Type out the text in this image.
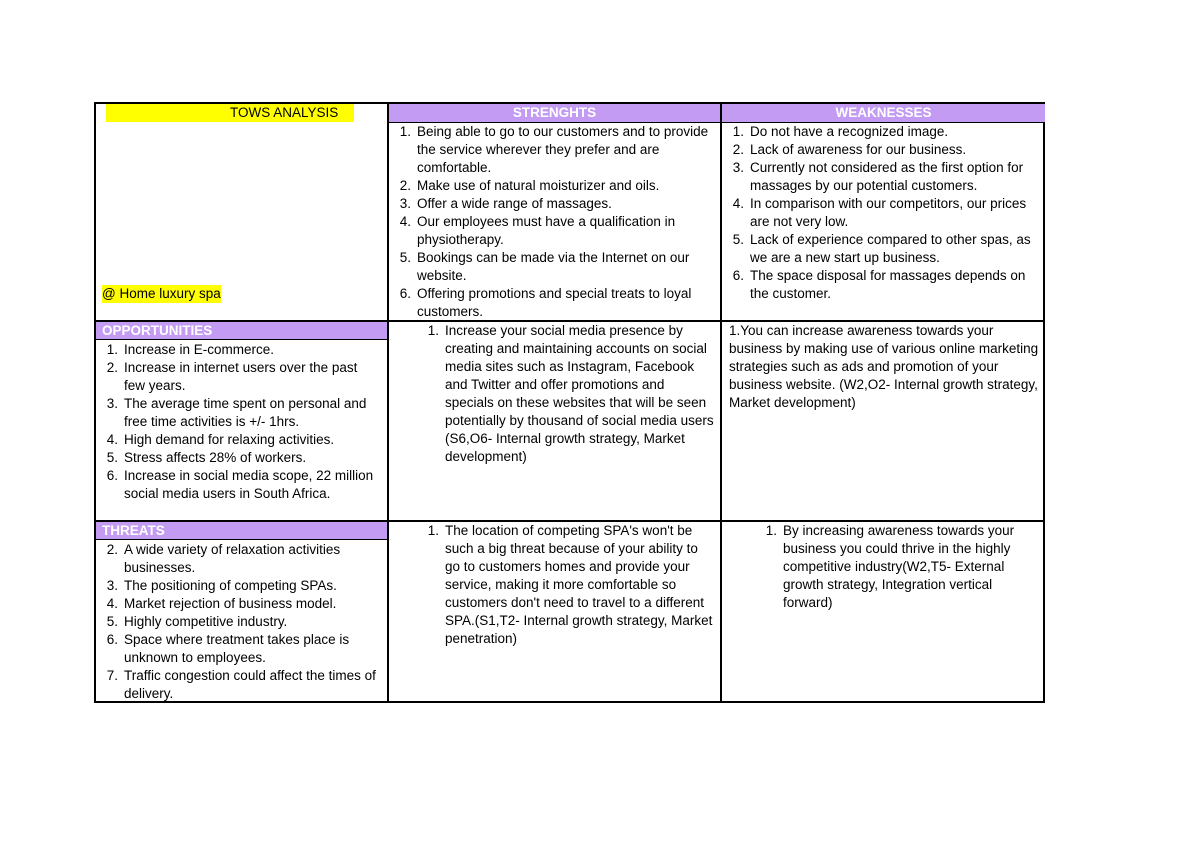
TOWS ANALYSIS
@ Home luxury spa
STRENGHTS	WEAKNESSES
1. Being able to go to our customers and to provide the service wherever they prefer and are comfortable.
2. Make use of natural moisturizer and oils.
3. Offer a wide range of massages.
4. Our employees must have a qualification in physiotherapy.
5. Bookings can be made via the Internet on our website.
6. Offering promotions and special treats to loyal customers.
1. Do not have a recognized image.
2. Lack of awareness for our business.
3. Currently not considered as the first option for massages by our potential customers.
4. In comparison with our competitors, our prices are not very low.
5. Lack of experience compared to other spas, as we are a new start up business.
6. The space disposal for massages depends on the customer.
OPPORTUNITIES
1. Increase in E-commerce.
2. Increase in internet users over the past few years.
3. The average time spent on personal and free time activities is +/- 1hrs.
4. High demand for relaxing activities.
5. Stress affects 28% of workers.
6. Increase in social media scope, 22 million social media users in South Africa.
1. Increase your social media presence by creating and maintaining accounts on social media sites such as Instagram, Facebook and Twitter and offer promotions and specials on these websites that will be seen potentially by thousand of social media users (S6,O6- Internal growth strategy, Market development)
1.You can increase awareness towards your business by making use of various online marketing strategies such as ads and promotion of your business website. (W2,O2- Internal growth strategy, Market development)
THREATS
2. A wide variety of relaxation activities businesses.
3. The positioning of competing SPAs.
4. Market rejection of business model.
5. Highly competitive industry.
6. Space where treatment takes place is unknown to employees.
7. Traffic congestion could affect the times of delivery.
1. The location of competing SPA's won't be such a big threat because of your ability to go to customers homes and provide your service, making it more comfortable so customers don't need to travel to a different SPA.(S1,T2- Internal growth strategy, Market penetration)
1. By increasing awareness towards your business you could thrive in the highly competitive industry(W2,T5- External growth strategy, Integration vertical forward)
